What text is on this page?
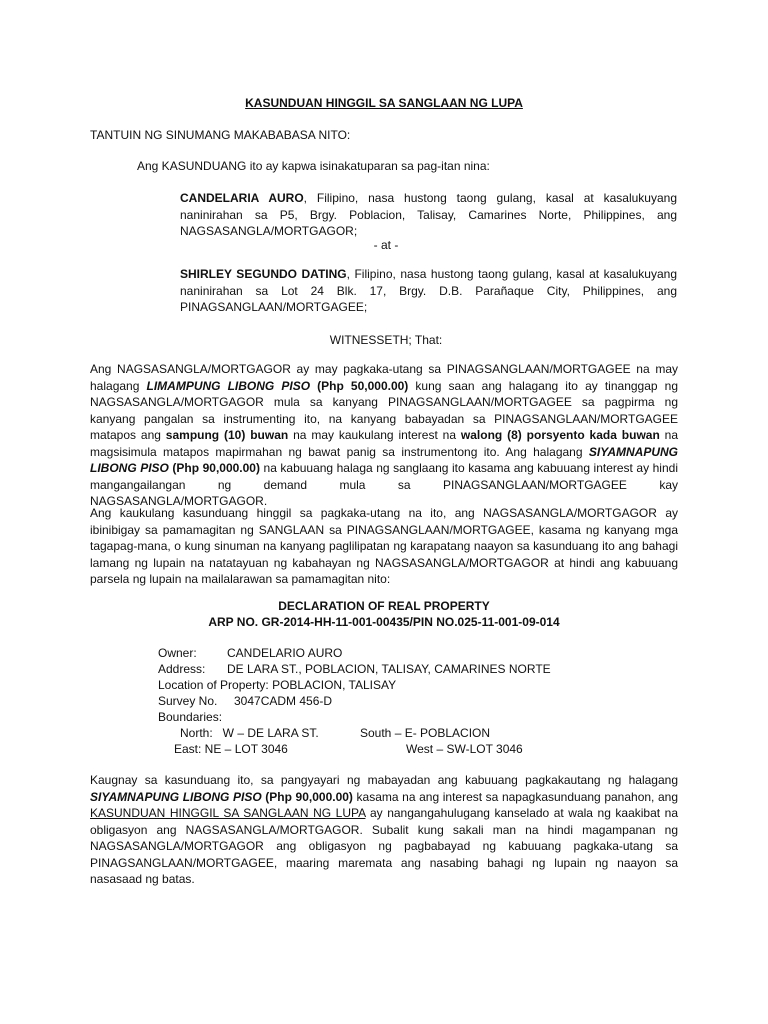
KASUNDUAN HINGGIL SA SANGLAAN NG LUPA
TANTUIN NG SINUMANG MAKABABASA NITO:
Ang KASUNDUANG ito ay kapwa isinakatuparan sa pag-itan nina:
CANDELARIA AURO, Filipino, nasa hustong taong gulang, kasal at kasalukuyang naninirahan sa P5, Brgy. Poblacion, Talisay, Camarines Norte, Philippines, ang NAGSASANGLA/MORTGAGOR;
- at -
SHIRLEY SEGUNDO DATING, Filipino, nasa hustong taong gulang, kasal at kasalukuyang naninirahan sa Lot 24 Blk. 17, Brgy. D.B. Parañaque City, Philippines, ang PINAGSANGLAAN/MORTGAGEE;
WITNESSETH; That:
Ang NAGSASANGLA/MORTGAGOR ay may pagkaka-utang sa PINAGSANGLAAN/MORTGAGEE na may halagang LIMAMPUNG LIBONG PISO (Php 50,000.00) kung saan ang halagang ito ay tinanggap ng NAGSASANGLA/MORTGAGOR mula sa kanyang PINAGSANGLAAN/MORTGAGEE sa pagpirma ng kanyang pangalan sa instrumenting ito, na kanyang babayadan sa PINAGSANGLAAN/MORTGAGEE matapos ang sampung (10) buwan na may kaukulang interest na walong (8) porsyento kada buwan na magsisimula matapos mapirmahan ng bawat panig sa instrumentong ito. Ang halagang SIYAMNAPUNG LIBONG PISO (Php 90,000.00) na kabuuang halaga ng sanglaang ito kasama ang kabuuang interest ay hindi mangangailangan ng demand mula sa PINAGSANGLAAN/MORTGAGEE kay NAGSASANGLA/MORTGAGOR.
Ang kaukulang kasunduang hinggil sa pagkaka-utang na ito, ang NAGSASANGLA/MORTGAGOR ay ibinibigay sa pamamagitan ng SANGLAAN sa PINAGSANGLAAN/MORTGAGEE, kasama ng kanyang mga tagapag-mana, o kung sinuman na kanyang paglilipatan ng karapatang naayon sa kasunduang ito ang bahagi lamang ng lupain na natatayuan ng kabahayan ng NAGSASANGLA/MORTGAGOR at hindi ang kabuuang parsela ng lupain na mailalarawan sa pamamagitan nito:
DECLARATION OF REAL PROPERTY
ARP NO. GR-2014-HH-11-001-00435/PIN NO.025-11-001-09-014
Owner:	CANDELARIO AURO
Address: DE LARA ST., POBLACION, TALISAY, CAMARINES NORTE
Location of Property: POBLACION, TALISAY
Survey No. 3047CADM 456-D
Boundaries:
North:   W – DE LARA ST.	South – E- POBLACION
East: NE – LOT 3046	West – SW-LOT 3046
Kaugnay sa kasunduang ito, sa pangyayari ng mabayadan ang kabuuang pagkakautang ng halagang SIYAMNAPUNG LIBONG PISO (Php 90,000.00) kasama na ang interest sa napagkasunduang panahon, ang KASUNDUAN HINGGIL SA SANGLAAN NG LUPA ay nangangahulugang kanselado at wala ng kaakibat na obligasyon ang NAGSASANGLA/MORTGAGOR. Subalit kung sakali man na hindi magampanan ng NAGSASANGLA/MORTGAGOR ang obligasyon ng pagbabayad ng kabuuang pagkaka-utang sa PINAGSANGLAAN/MORTGAGEE, maaring maremata ang nasabing bahagi ng lupain ng naayon sa nasasaad ng batas.
